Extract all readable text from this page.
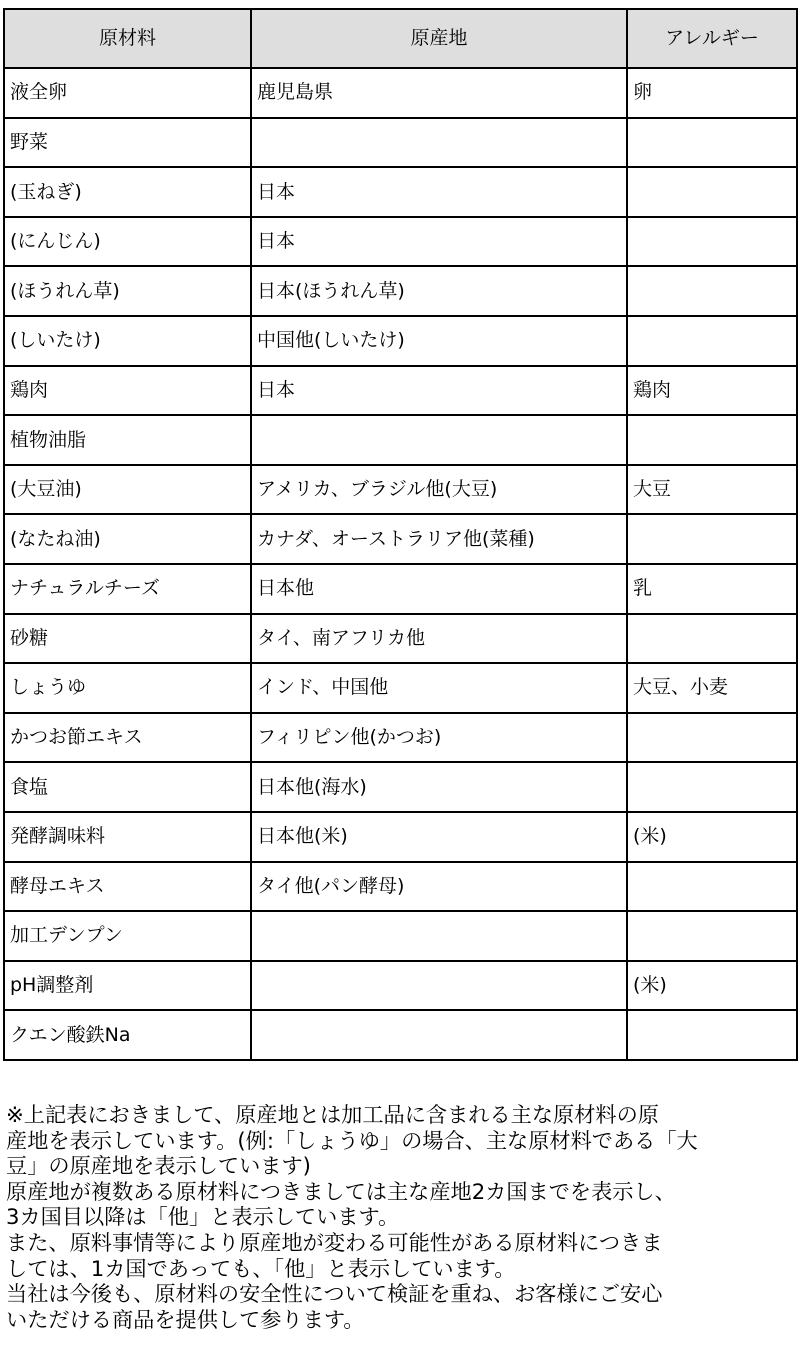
原材料	原産地	アレルギー
液全卵	鹿児島県	卵
野菜		
(玉ねぎ)	日本	
(にんじん)	日本	
(ほうれん草)	日本(ほうれん草)	
(しいたけ)	中国他(しいたけ)	
鶏肉	日本	鶏肉
植物油脂		
(大豆油)	アメリカ、ブラジル他(大豆)	大豆
(なたね油)	カナダ、オーストラリア他(菜種)	
ナチュラルチーズ	日本他	乳
砂糖	タイ、南アフリカ他	
しょうゆ	インド、中国他	大豆、小麦
かつお節エキス	フィリピン他(かつお)	
食塩	日本他(海水)	
発酵調味料	日本他(米)	(米)
酵母エキス	タイ他(パン酵母)	
加工デンプン		
pH調整剤		(米)
クエン酸鉄Na		

※上記表におきまして、原産地とは加工品に含まれる主な原材料の原

産地を表示しています。(例:「しょうゆ」の場合、主な原材料である「大

豆」の原産地を表示しています)

原産地が複数ある原材料につきましては主な産地2カ国までを表示し、

3カ国目以降は「他」と表示しています。

また、原料事情等により原産地が変わる可能性がある原材料につきま

しては、1カ国であっても、「他」と表示しています。

当社は今後も、原材料の安全性について検証を重ね、お客様にご安心

いただける商品を提供して参ります。
